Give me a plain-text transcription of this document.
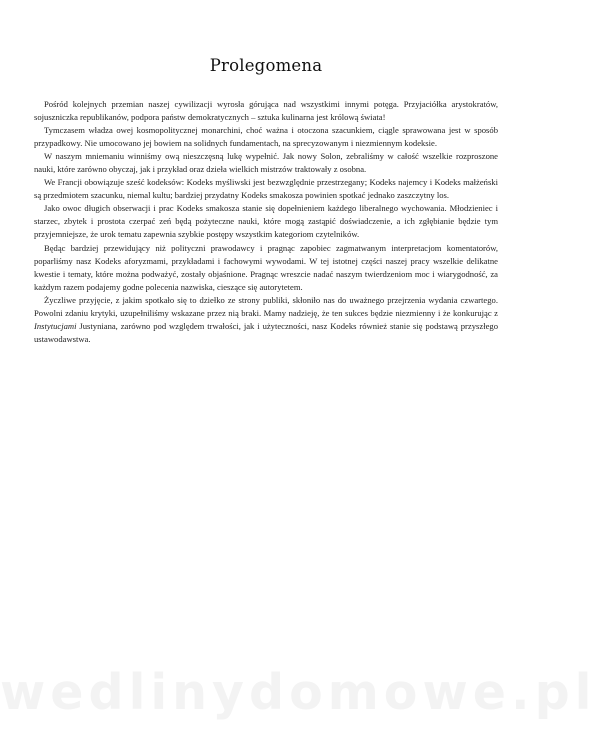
Prolegomena

Pośród kolejnych przemian naszej cywilizacji wyrosła górująca nad wszystkimi innymi potęga. Przyjaciółka arystokratów, sojuszniczka republikanów, podpora państw demokratycznych – sztuka kulinarna jest królową świata!

Tymczasem władza owej kosmopolitycznej monarchini, choć ważna i otoczona szacunkiem, ciągle sprawowana jest w sposób przypadkowy. Nie umocowano jej bowiem na solidnych fundamentach, na sprecyzowanym i niezmiennym kodeksie.

W naszym mniemaniu winniśmy ową nieszczęsną lukę wypełnić. Jak nowy Solon, zebraliśmy w całość wszelkie rozproszone nauki, które zarówno obyczaj, jak i przykład oraz dzieła wielkich mistrzów traktowały z osobna.

We Francji obowiązuje sześć kodeksów: Kodeks myśliwski jest bezwzględnie przestrzegany; Kodeks najemcy i Kodeks małżeński są przedmiotem szacunku, niemal kultu; bardziej przydatny Kodeks smakosza powinien spotkać jednako zaszczytny los.

Jako owoc długich obserwacji i prac Kodeks smakosza stanie się dopełnieniem każdego liberalnego wychowania. Młodzieniec i starzec, zbytek i prostota czerpać zeń będą pożyteczne nauki, które mogą zastąpić doświadczenie, a ich zgłębianie będzie tym przyjemniejsze, że urok tematu zapewnia szybkie postępy wszystkim kategoriom czytelników.

Będąc bardziej przewidujący niż polityczni prawodawcy i pragnąc zapobiec zagmatwanym interpretacjom komentatorów, poparliśmy nasz Kodeks aforyzmami, przykładami i fachowymi wywodami. W tej istotnej części naszej pracy wszelkie delikatne kwestie i tematy, które można podważyć, zostały objaśnione. Pragnąc wreszcie nadać naszym twierdzeniom moc i wiarygodność, za każdym razem podajemy godne polecenia nazwiska, cieszące się autorytetem.

Życzliwe przyjęcie, z jakim spotkało się to dziełko ze strony publiki, skłoniło nas do uważnego przejrzenia wydania czwartego. Powolni zdaniu krytyki, uzupełniliśmy wskazane przez nią braki. Mamy nadzieję, że ten sukces będzie niezmienny i że konkurując z Instytucjami Justyniana, zarówno pod względem trwałości, jak i użyteczności, nasz Kodeks również stanie się podstawą przyszłego ustawodawstwa.

wedlinydomowe.pl
